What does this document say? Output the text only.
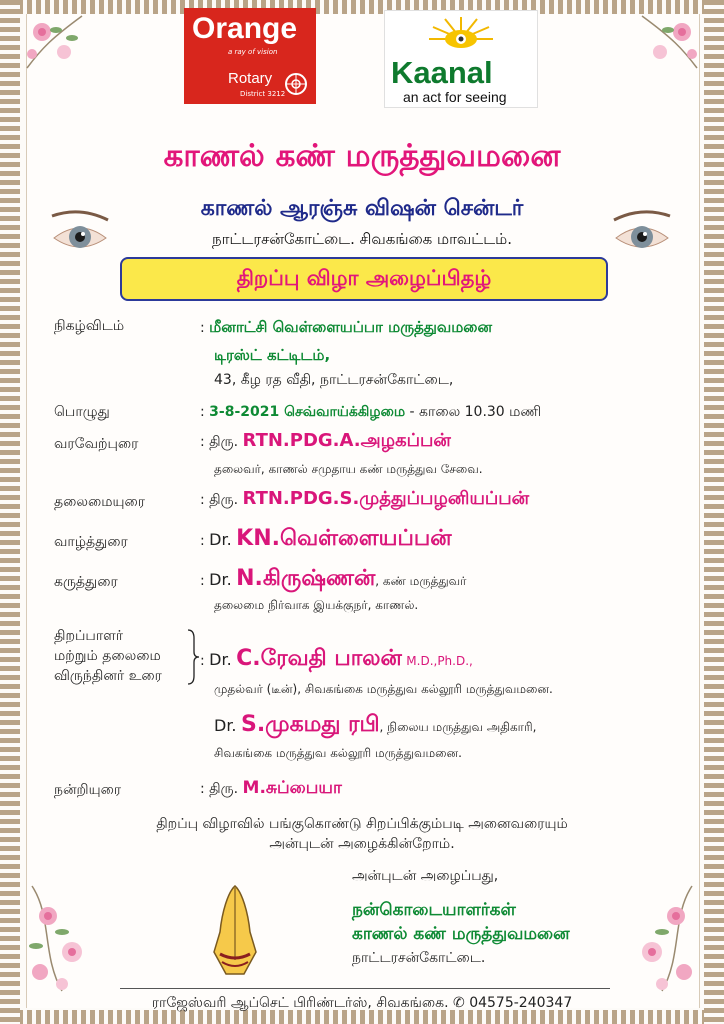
Orange
a ray of vision
Rotary
District 3212
Kaanal
an act for seeing
காணல் கண் மருத்துவமனை
காணல் ஆரஞ்சு விஷன் சென்டர்
நாட்டரசன்கோட்டை. சிவகங்கை மாவட்டம்.
திறப்பு விழா அழைப்பிதழ்
நிகழ்விடம்	: மீனாட்சி வெள்ளையப்பா மருத்துவமனை
டிரஸ்ட் கட்டிடம்,
43, கீழ ரத வீதி, நாட்டரசன்கோட்டை,
பொழுது	: 3-8-2021 செவ்வாய்க்கிழமை - காலை 10.30 மணி
வரவேற்புரை	: திரு. RTN.PDG.A.அழகப்பன்
தலைவர், காணல் சமுதாய கண் மருத்துவ சேவை.
தலைமையுரை	: திரு. RTN.PDG.S.முத்துப்பழனியப்பன்
வாழ்த்துரை	: Dr. KN.வெள்ளையப்பன்
கருத்துரை	: Dr. N.கிருஷ்ணன், கண் மருத்துவர்
தலைமை நிர்வாக இயக்குநர், காணல்.
திறப்பாளர்
மற்றும் தலைமை
விருந்தினர் உரை
: Dr. C.ரேவதி பாலன் M.D.,Ph.D.,
முதல்வர் (டீன்), சிவகங்கை மருத்துவ கல்லூரி மருத்துவமனை.
Dr. S.முகமது ரபி, நிலைய மருத்துவ அதிகாரி,
சிவகங்கை மருத்துவ கல்லூரி மருத்துவமனை.
நன்றியுரை	: திரு. M.சுப்பையா
திறப்பு விழாவில் பங்குகொண்டு சிறப்பிக்கும்படி அனைவரையும்
அன்புடன் அழைக்கின்றோம்.
அன்புடன் அழைப்பது,
நன்கொடையாளர்கள்
காணல் கண் மருத்துவமனை
நாட்டரசன்கோட்டை.
ராஜேஸ்வரி ஆப்செட் பிரிண்டர்ஸ், சிவகங்கை. ✆ 04575-240347
